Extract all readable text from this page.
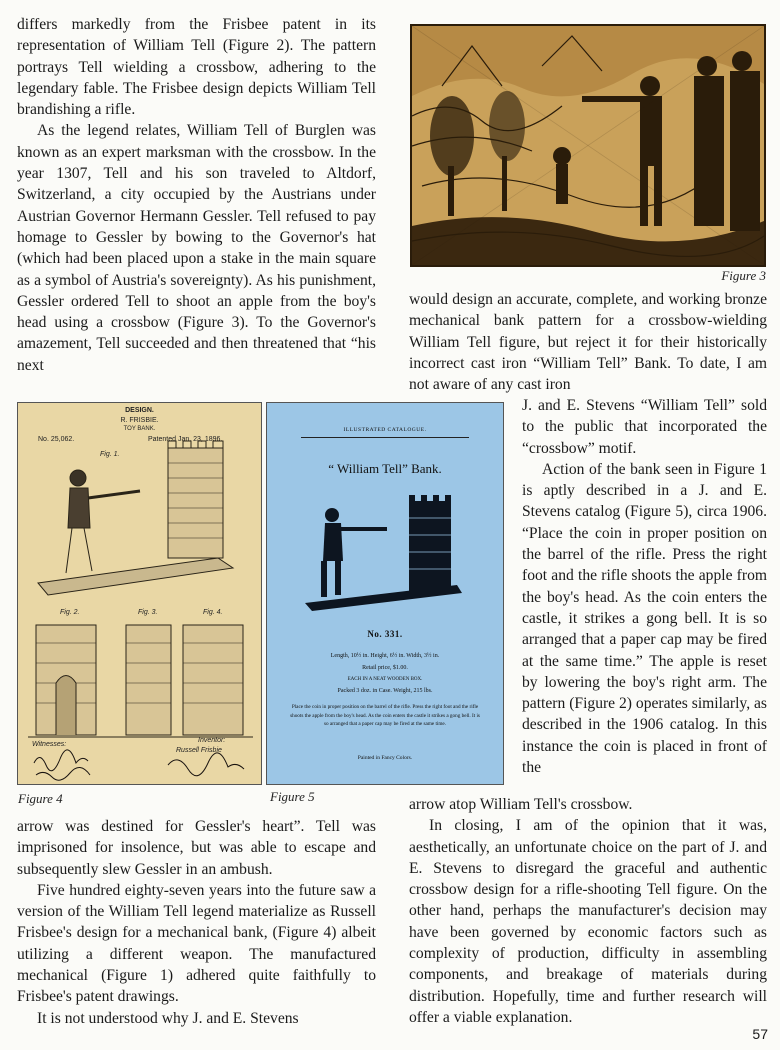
differs markedly from the Frisbee patent in its representation of William Tell (Figure 2). The pattern portrays Tell wielding a crossbow, adhering to the legendary fable. The Frisbee design depicts William Tell brandishing a rifle.

As the legend relates, William Tell of Burglen was known as an expert marksman with the crossbow. In the year 1307, Tell and his son traveled to Altdorf, Switzerland, a city occupied by the Austrians under Austrian Governor Hermann Gessler. Tell refused to pay homage to Gessler by bowing to the Governor's hat (which had been placed upon a stake in the main square as a symbol of Austria's sovereignty). As his punishment, Gessler ordered Tell to shoot an apple from the boy's head using a crossbow (Figure 3). To the Governor's amazement, Tell succeeded and then threatened that “his next

Figure 3

would design an accurate, complete, and working bronze mechanical bank pattern for a crossbow-wielding William Tell figure, but reject it for their historically incorrect cast iron “William Tell” Bank. To date, I am not aware of any cast iron

DESIGN.
R. FRISBIE.
TOY BANK.
No. 25,062.	Patented Jan. 23, 1896.
Fig. 1.
Fig. 2.	Fig. 3.	Fig. 4.
Witnesses:
Inventor:
Russell Frisbie
Figure 4
ILLUSTRATED CATALOGUE.
“ William Tell” Bank.
No. 331.
Length, 10½ in. Height, 6½ in. Width, 3½ in.
Retail price, $1.00.
EACH IN A NEAT WOODEN BOX.
Packed 3 doz. in Case. Weight, 215 lbs.
Place the coin in proper position on the barrel of the rifle. Press the right foot and the rifle shoots the apple from the boy's head. As the coin enters the castle it strikes a gong bell. It is so arranged that a paper cap may be fired at the same time.
Painted in Fancy Colors.
Figure 5

J. and E. Stevens “William Tell” sold to the public that incorporated the “crossbow” motif.

Action of the bank seen in Figure 1 is aptly described in a J. and E. Stevens catalog (Figure 5), circa 1906. “Place the coin in proper position on the barrel of the rifle. Press the right foot and the rifle shoots the apple from the boy's head. As the coin enters the castle, it strikes a gong bell. It is so arranged that a paper cap may be fired at the same time.” The apple is reset by lowering the boy's right arm. The pattern (Figure 2) operates similarly, as described in the 1906 catalog. In this instance the coin is placed in front of the

arrow was destined for Gessler's heart”. Tell was imprisoned for insolence, but was able to escape and subsequently slew Gessler in an ambush.

Five hundred eighty-seven years into the future saw a version of the William Tell legend materialize as Russell Frisbee's design for a mechanical bank, (Figure 4) albeit utilizing a different weapon. The manufactured mechanical (Figure 1) adhered quite faithfully to Frisbee's patent drawings.

It is not understood why J. and E. Stevens

arrow atop William Tell's crossbow.

In closing, I am of the opinion that it was, aesthetically, an unfortunate choice on the part of J. and E. Stevens to disregard the graceful and authentic crossbow design for a rifle-shooting Tell figure. On the other hand, perhaps the manufacturer's decision may have been governed by economic factors such as complexity of production, difficulty in assembling components, and breakage of materials during distribution. Hopefully, time and further research will offer a viable explanation.

57
